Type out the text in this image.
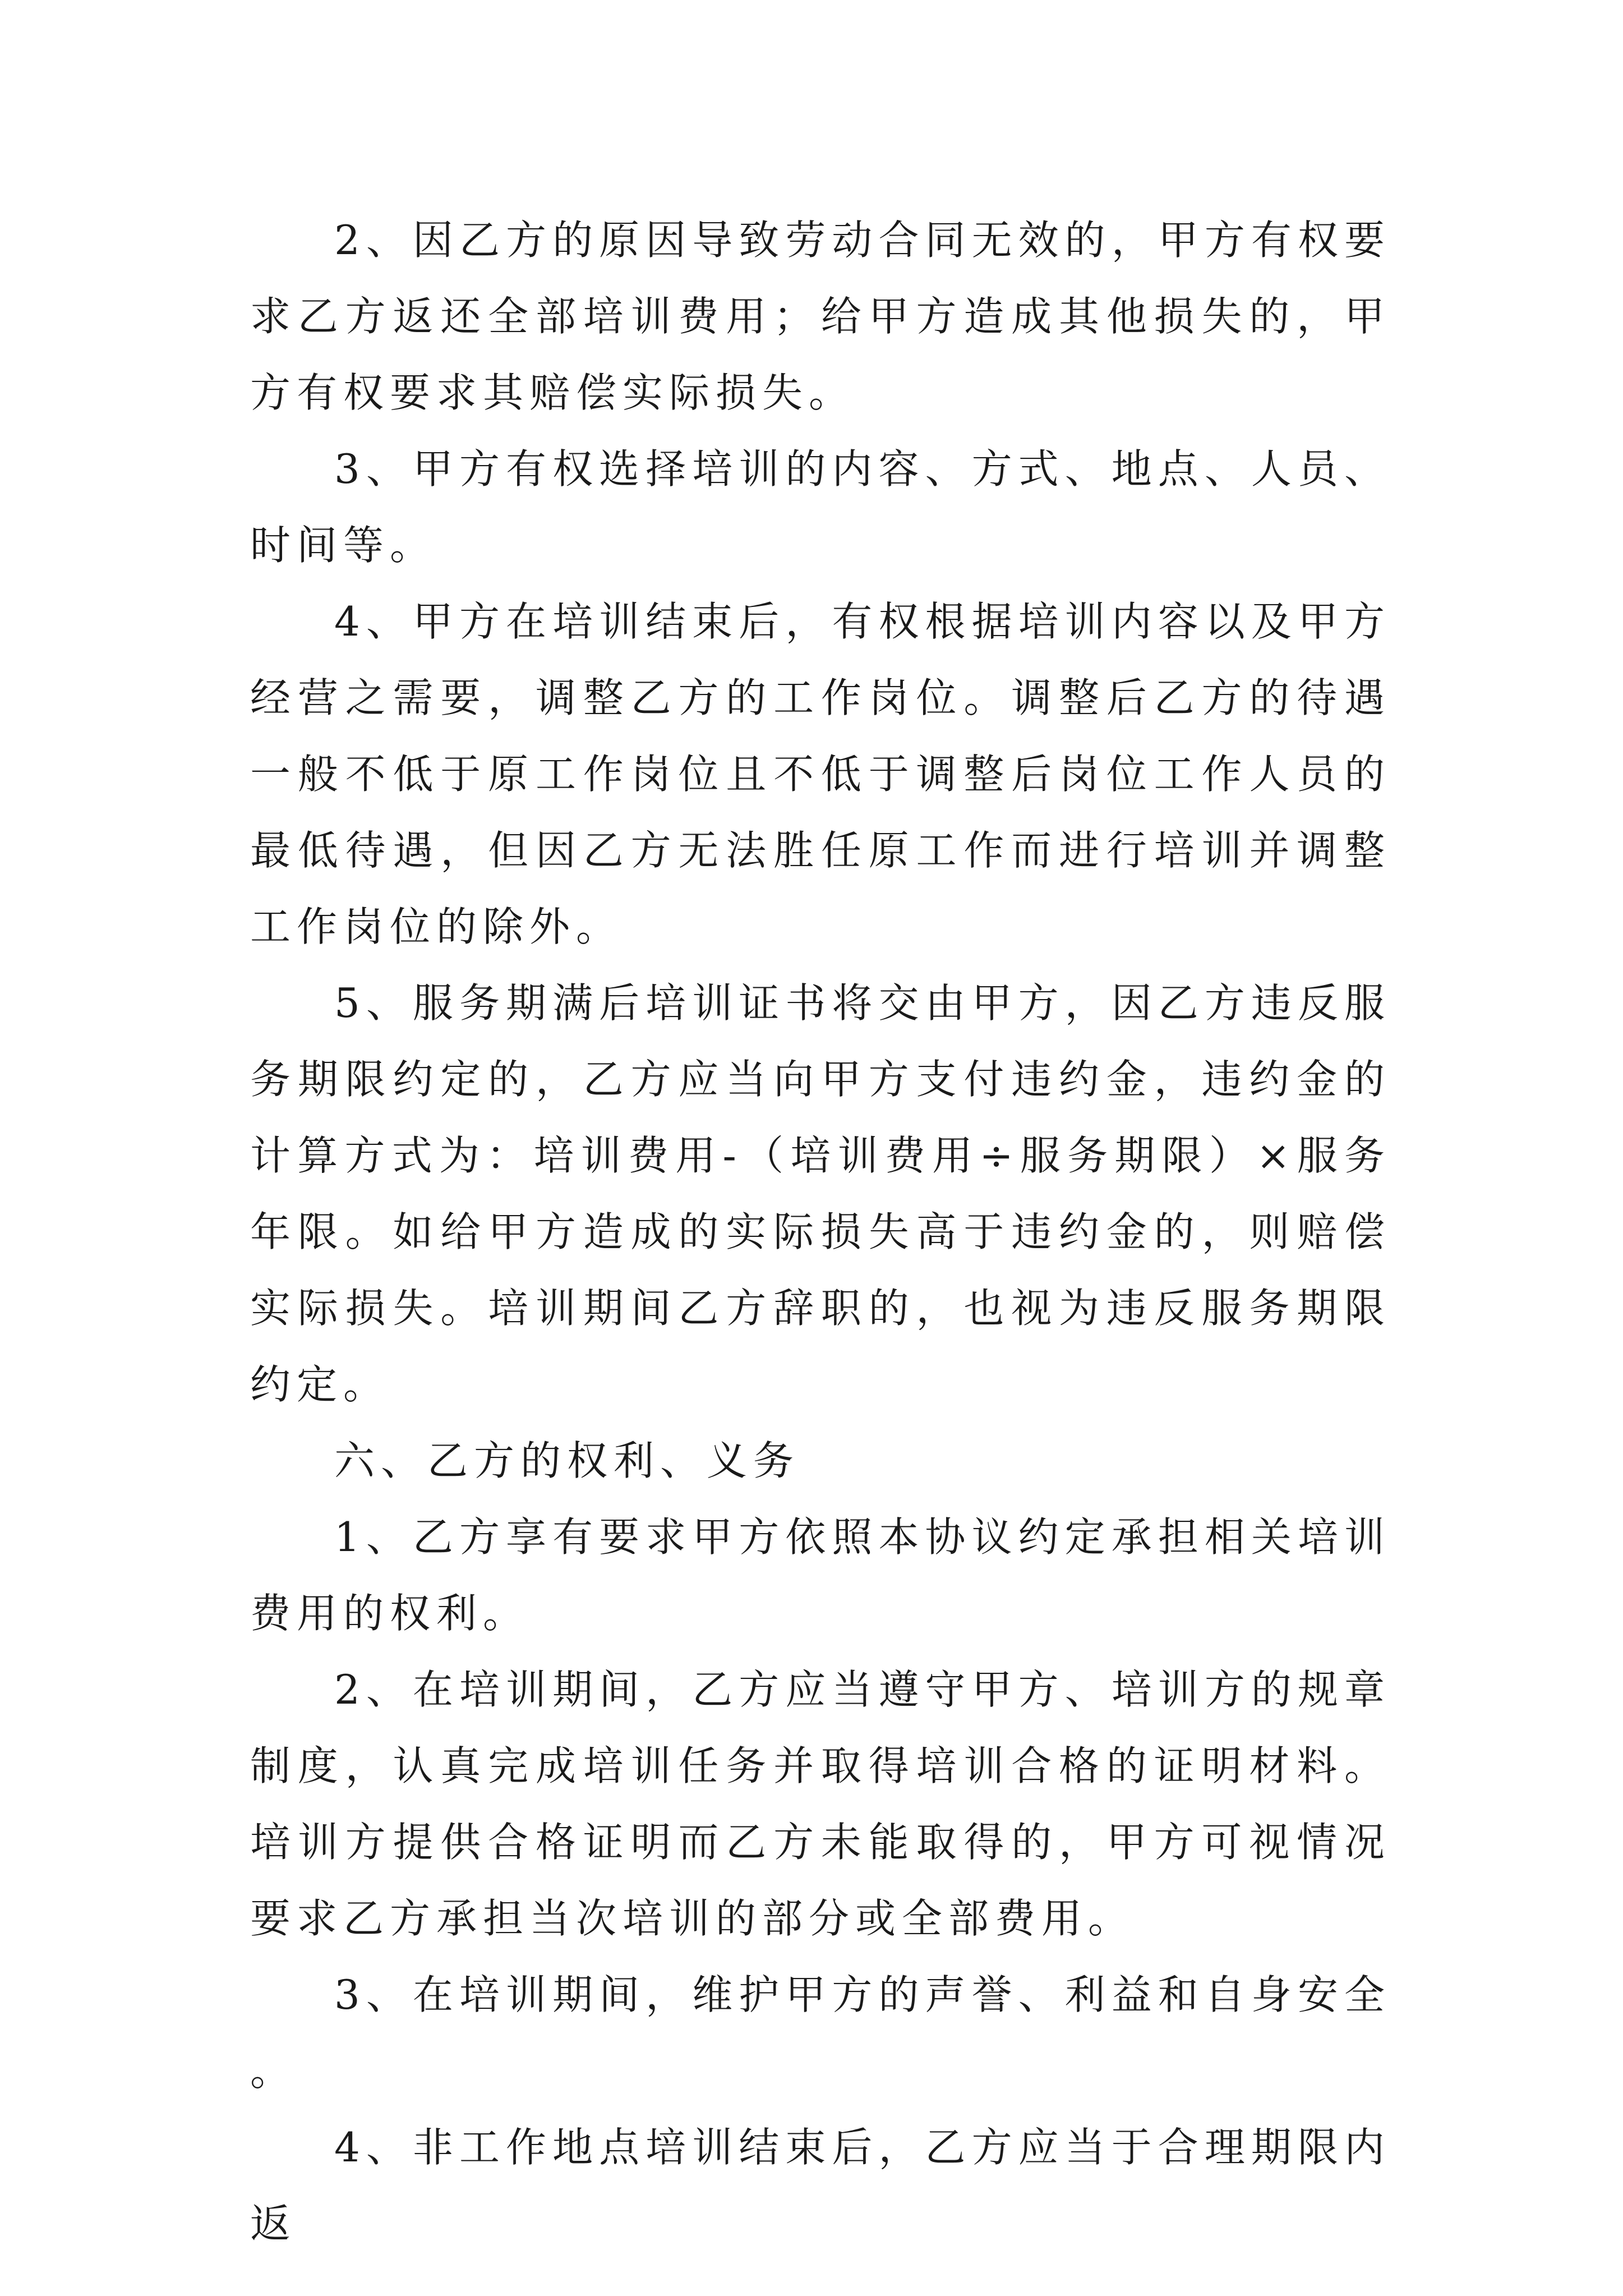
2、因乙方的原因导致劳动合同无效的，甲方有权要求乙方返还全部培训费用；给甲方造成其他损失的，甲方有权要求其赔偿实际损失。

3、甲方有权选择培训的内容、方式、地点、人员、时间等。

4、甲方在培训结束后，有权根据培训内容以及甲方经营之需要，调整乙方的工作岗位。调整后乙方的待遇一般不低于原工作岗位且不低于调整后岗位工作人员的最低待遇，但因乙方无法胜任原工作而进行培训并调整工作岗位的除外。

5、服务期满后培训证书将交由甲方，因乙方违反服务期限约定的，乙方应当向甲方支付违约金，违约金的计算方式为：培训费用-（培训费用÷服务期限）×服务年限。如给甲方造成的实际损失高于违约金的，则赔偿实际损失。培训期间乙方辞职的，也视为违反服务期限约定。

六、乙方的权利、义务

1、乙方享有要求甲方依照本协议约定承担相关培训费用的权利。

2、在培训期间，乙方应当遵守甲方、培训方的规章制度，认真完成培训任务并取得培训合格的证明材料。培训方提供合格证明而乙方未能取得的，甲方可视情况要求乙方承担当次培训的部分或全部费用。

3、在培训期间，维护甲方的声誉、利益和自身安全。

4、非工作地点培训结束后，乙方应当于合理期限内返
